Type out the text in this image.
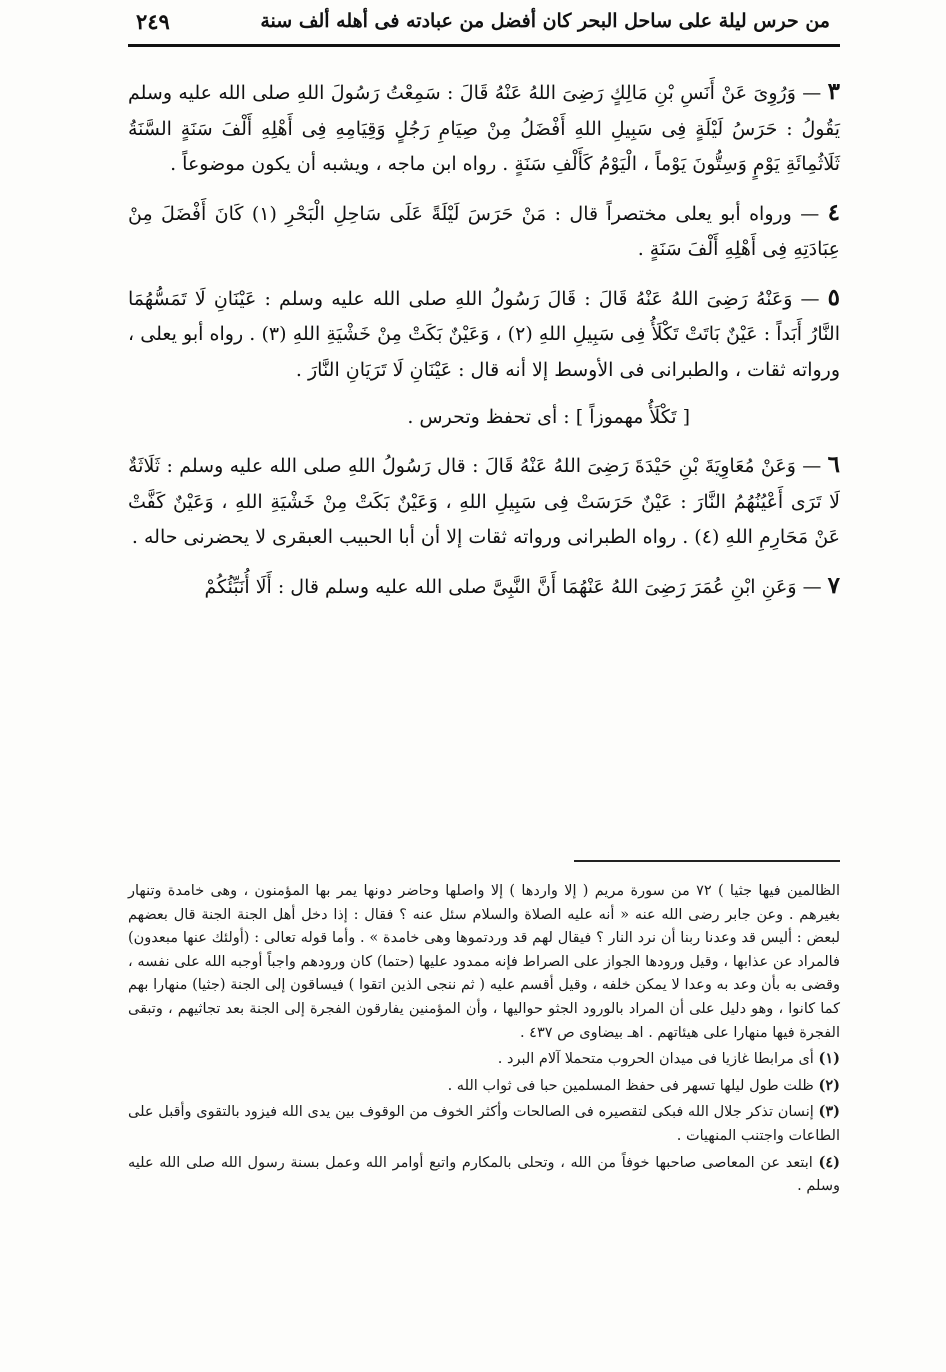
من حرس ليلة على ساحل البحر كان أفضل من عبادته فى أهله ألف سنة
٢٤٩

٣ — وَرُوِىَ عَنْ أَنَسِ بْنِ مَالِكٍ رَضِىَ اللهُ عَنْهُ قَالَ : سَمِعْتُ رَسُولَ اللهِ صلى الله عليه وسلم يَقُولُ : حَرَسُ لَيْلَةٍ فِى سَبِيلِ اللهِ أَفْضَلُ مِنْ صِيَامِ رَجُلٍ وَقِيَامِهِ فِى أَهْلِهِ أَلْفَ سَنَةٍ السَّنَةُ ثَلَاثُمِائَةِ يَوْمٍ وَسِتُّونَ يَوْماً ، الْيَوْمُ كَأَلْفِ سَنَةٍ . رواه ابن ماجه ، ويشبه أن يكون موضوعاً .

٤ — ورواه أبو يعلى مختصراً قال : مَنْ حَرَسَ لَيْلَةً عَلَى سَاحِلِ الْبَحْرِ (١) كَانَ أَفْضَلَ مِنْ عِبَادَتِهِ فِى أَهْلِهِ أَلْفَ سَنَةٍ .

٥ — وَعَنْهُ رَضِىَ اللهُ عَنْهُ قَالَ : قَالَ رَسُولُ اللهِ صلى الله عليه وسلم : عَيْنَانِ لَا تَمَسُّهُمَا النَّارُ أَبَداً : عَيْنٌ بَاتَتْ تَكْلَأُ فِى سَبِيلِ اللهِ (٢) ، وَعَيْنٌ بَكَتْ مِنْ خَشْيَةِ اللهِ (٣) . رواه أبو يعلى ، ورواته ثقات ، والطبرانى فى الأوسط إلا أنه قال : عَيْنَانِ لَا تَرَيَانِ النَّارَ .

[ تَكْلَأُ مهموزاً ] : أى تحفظ وتحرس .

٦ — وَعَنْ مُعَاوِيَةَ بْنِ حَيْدَةَ رَضِىَ اللهُ عَنْهُ قَالَ : قال رَسُولُ اللهِ صلى الله عليه وسلم : ثَلَاثَةٌ لَا تَرَى أَعْيُنُهُمُ النَّارَ : عَيْنٌ حَرَسَتْ فِى سَبِيلِ اللهِ ، وَعَيْنٌ بَكَتْ مِنْ خَشْيَةِ اللهِ ، وَعَيْنٌ كَفَّتْ عَنْ مَحَارِمِ اللهِ (٤) . رواه الطبرانى ورواته ثقات إلا أن أبا الحبيب العبقرى لا يحضرنى حاله .

٧ — وَعَنِ ابْنِ عُمَرَ رَضِىَ اللهُ عَنْهُمَا أَنَّ النَّبِىَّ صلى الله عليه وسلم قال : أَلَا أُنَبِّئُكُمْ

الظالمين فيها جثيا ) ٧٢ من سورة مريم ( إلا واردها ) إلا واصلها وحاضر دونها يمر بها المؤمنون ، وهى خامدة وتنهار بغيرهم . وعن جابر رضى الله عنه « أنه عليه الصلاة والسلام سئل عنه ؟ فقال : إذا دخل أهل الجنة الجنة قال بعضهم لبعض : أليس قد وعدنا ربنا أن نرد النار ؟ فيقال لهم قد وردتموها وهى خامدة » . وأما قوله تعالى : (أولئك عنها مبعدون) فالمراد عن عذابها ، وقيل ورودها الجواز على الصراط فإنه ممدود عليها (حتما) كان ورودهم واجباً أوجبه الله على نفسه ، وقضى به بأن وعد به وعدا لا يمكن خلفه ، وقيل أقسم عليه ( ثم ننجى الذين اتقوا ) فيساقون إلى الجنة (جثيا) منهارا بهم كما كانوا ، وهو دليل على أن المراد بالورود الجثو حواليها ، وأن المؤمنين يفارقون الفجرة إلى الجنة بعد تجاثيهم ، وتبقى الفجرة فيها منهارا على هيئاتهم . اهـ بيضاوى ص ٤٣٧ .
(١) أى مرابطا غازيا فى ميدان الحروب متحملا آلام البرد .
(٢) ظلت طول ليلها تسهر فى حفظ المسلمين حبا فى ثواب الله .
(٣) إنسان تذكر جلال الله فبكى لتقصيره فى الصالحات وأكثر الخوف من الوقوف بين يدى الله فيزود بالتقوى وأقبل على الطاعات واجتنب المنهيات .
(٤) ابتعد عن المعاصى صاحبها خوفاً من الله ، وتحلى بالمكارم واتبع أوامر الله وعمل بسنة رسول الله صلى الله عليه وسلم .
